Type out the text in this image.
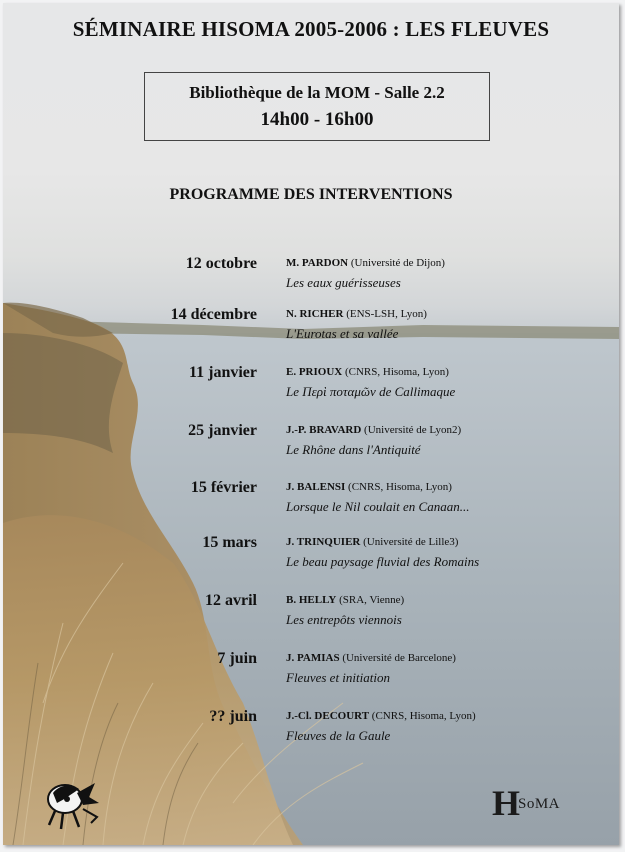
SÉMINAIRE HISOMA 2005-2006 : LES FLEUVES
Bibliothèque de la MOM - Salle 2.2
14h00 - 16h00
PROGRAMME DES INTERVENTIONS
12 octobre	M. PARDON (Université de Dijon)
Les eaux guérisseuses
14 décembre	N. RICHER (ENS-LSH, Lyon)
L'Eurotas et sa vallée
11 janvier	E. PRIOUX (CNRS, Hisoma, Lyon)
Le Περὶ ποταμῶν de Callimaque
25 janvier	J.-P. BRAVARD (Université de Lyon2)
Le Rhône dans l'Antiquité
15 février	J. BALENSI (CNRS, Hisoma, Lyon)
Lorsque le Nil coulait en Canaan...
15 mars	J. TRINQUIER (Université de Lille3)
Le beau paysage fluvial des Romains
12 avril	B. HELLY (SRA, Vienne)
Les entrepôts viennois
7 juin	J. PAMIAS (Université de Barcelone)
Fleuves et initiation
?? juin	J.-Cl. DECOURT (CNRS, Hisoma, Lyon)
Fleuves de la Gaule
H
SoMA
